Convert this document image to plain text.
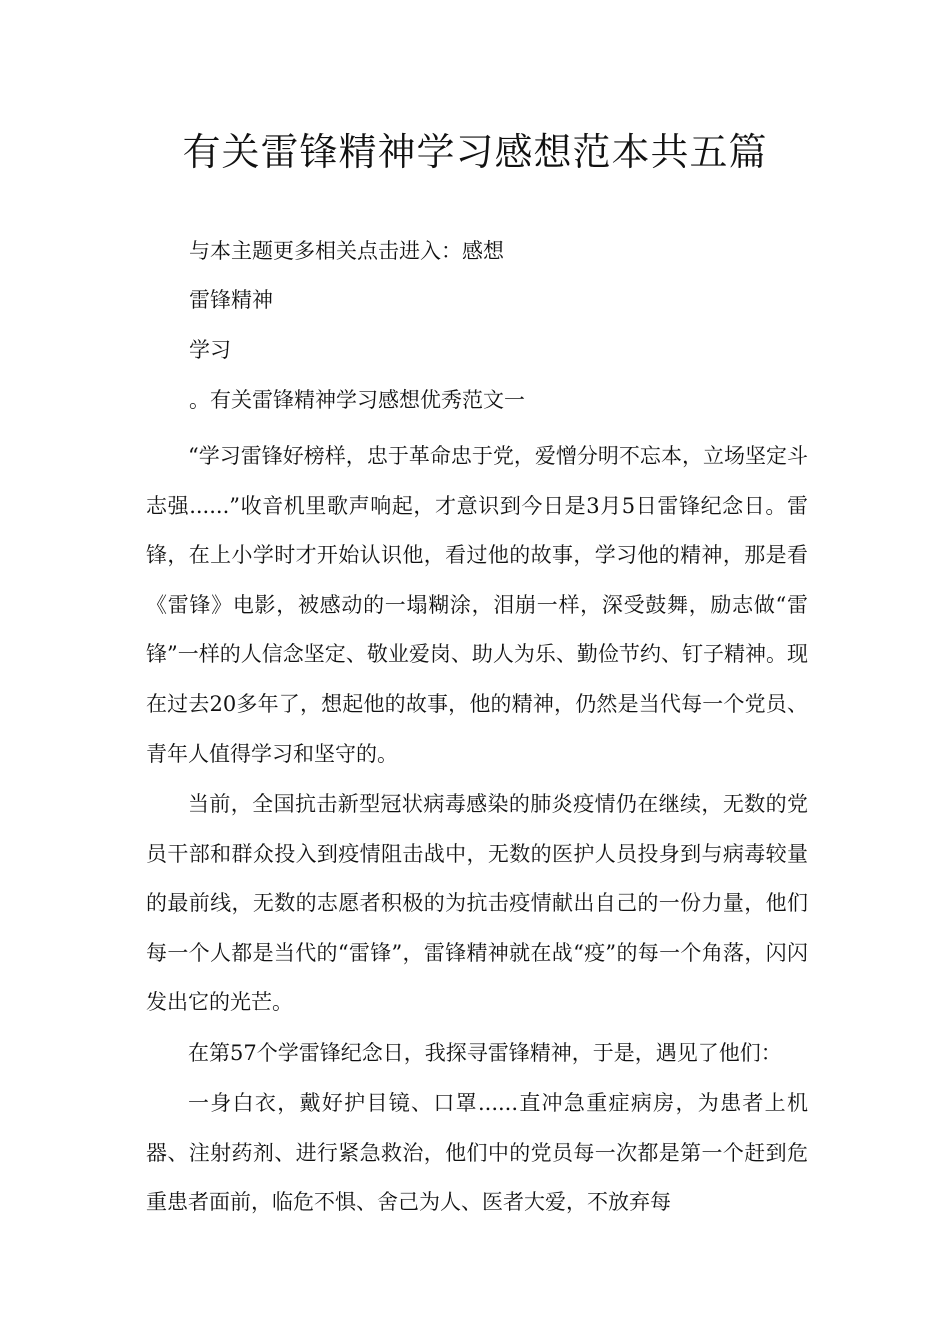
有关雷锋精神学习感想范本共五篇

与本主题更多相关点击进入：感想

雷锋精神

学习

。有关雷锋精神学习感想优秀范文一

“学习雷锋好榜样，忠于革命忠于党，爱憎分明不忘本，立场坚定斗志强......”收音机里歌声响起，才意识到今日是3月5日雷锋纪念日。雷锋，在上小学时才开始认识他，看过他的故事，学习他的精神，那是看《雷锋》电影，被感动的一塌糊涂，泪崩一样，深受鼓舞，励志做“雷锋”一样的人信念坚定、敬业爱岗、助人为乐、勤俭节约、钉子精神。现在过去20多年了，想起他的故事，他的精神，仍然是当代每一个党员、青年人值得学习和坚守的。

当前，全国抗击新型冠状病毒感染的肺炎疫情仍在继续，无数的党员干部和群众投入到疫情阻击战中，无数的医护人员投身到与病毒较量的最前线，无数的志愿者积极的为抗击疫情献出自己的一份力量，他们每一个人都是当代的“雷锋”，雷锋精神就在战“疫”的每一个角落，闪闪发出它的光芒。

在第57个学雷锋纪念日，我探寻雷锋精神，于是，遇见了他们：

一身白衣，戴好护目镜、口罩......直冲急重症病房，为患者上机器、注射药剂、进行紧急救治，他们中的党员每一次都是第一个赶到危重患者面前，临危不惧、舍己为人、医者大爱，不放弃每
